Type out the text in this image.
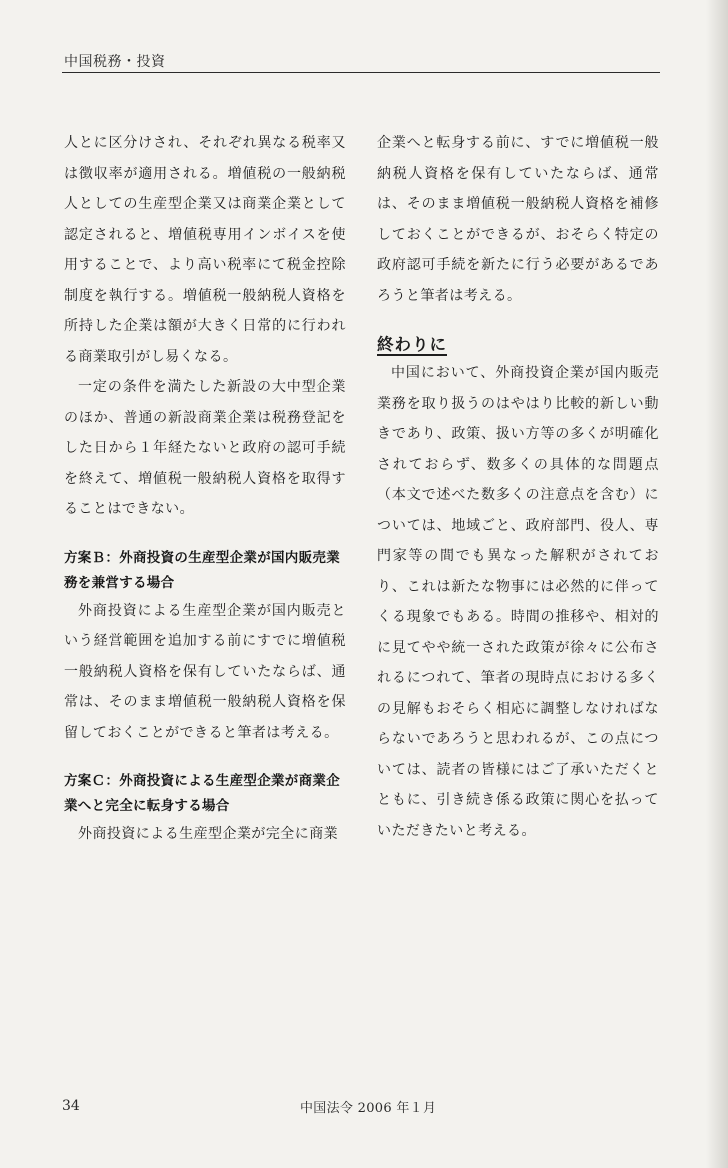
中国税務・投資

人とに区分けされ、それぞれ異なる税率又は徴収率が適用される。増値税の一般納税人としての生産型企業又は商業企業として認定されると、増値税専用インボイスを使用することで、より高い税率にて税金控除制度を執行する。増値税一般納税人資格を所持した企業は額が大きく日常的に行われる商業取引がし易くなる。

一定の条件を満たした新設の大中型企業のほか、普通の新設商業企業は税務登記をした日から１年経たないと政府の認可手続を終えて、増値税一般納税人資格を取得することはできない。

方案Ｂ：外商投資の生産型企業が国内販売業務を兼営する場合

外商投資による生産型企業が国内販売という経営範囲を追加する前にすでに増値税一般納税人資格を保有していたならば、通常は、そのまま増値税一般納税人資格を保留しておくことができると筆者は考える。

方案Ｃ：外商投資による生産型企業が商業企業へと完全に転身する場合

外商投資による生産型企業が完全に商業

企業へと転身する前に、すでに増値税一般納税人資格を保有していたならば、通常は、そのまま増値税一般納税人資格を補修しておくことができるが、おそらく特定の政府認可手続を新たに行う必要があるであろうと筆者は考える。

終わりに

中国において、外商投資企業が国内販売業務を取り扱うのはやはり比較的新しい動きであり、政策、扱い方等の多くが明確化されておらず、数多くの具体的な問題点（本文で述べた数多くの注意点を含む）については、地域ごと、政府部門、役人、専門家等の間でも異なった解釈がされており、これは新たな物事には必然的に伴ってくる現象でもある。時間の推移や、相対的に見てやや統一された政策が徐々に公布されるにつれて、筆者の現時点における多くの見解もおそらく相応に調整しなければならないであろうと思われるが、この点については、読者の皆様にはご了承いただくとともに、引き続き係る政策に関心を払っていただきたいと考える。

34	中国法令 2006 年１月
